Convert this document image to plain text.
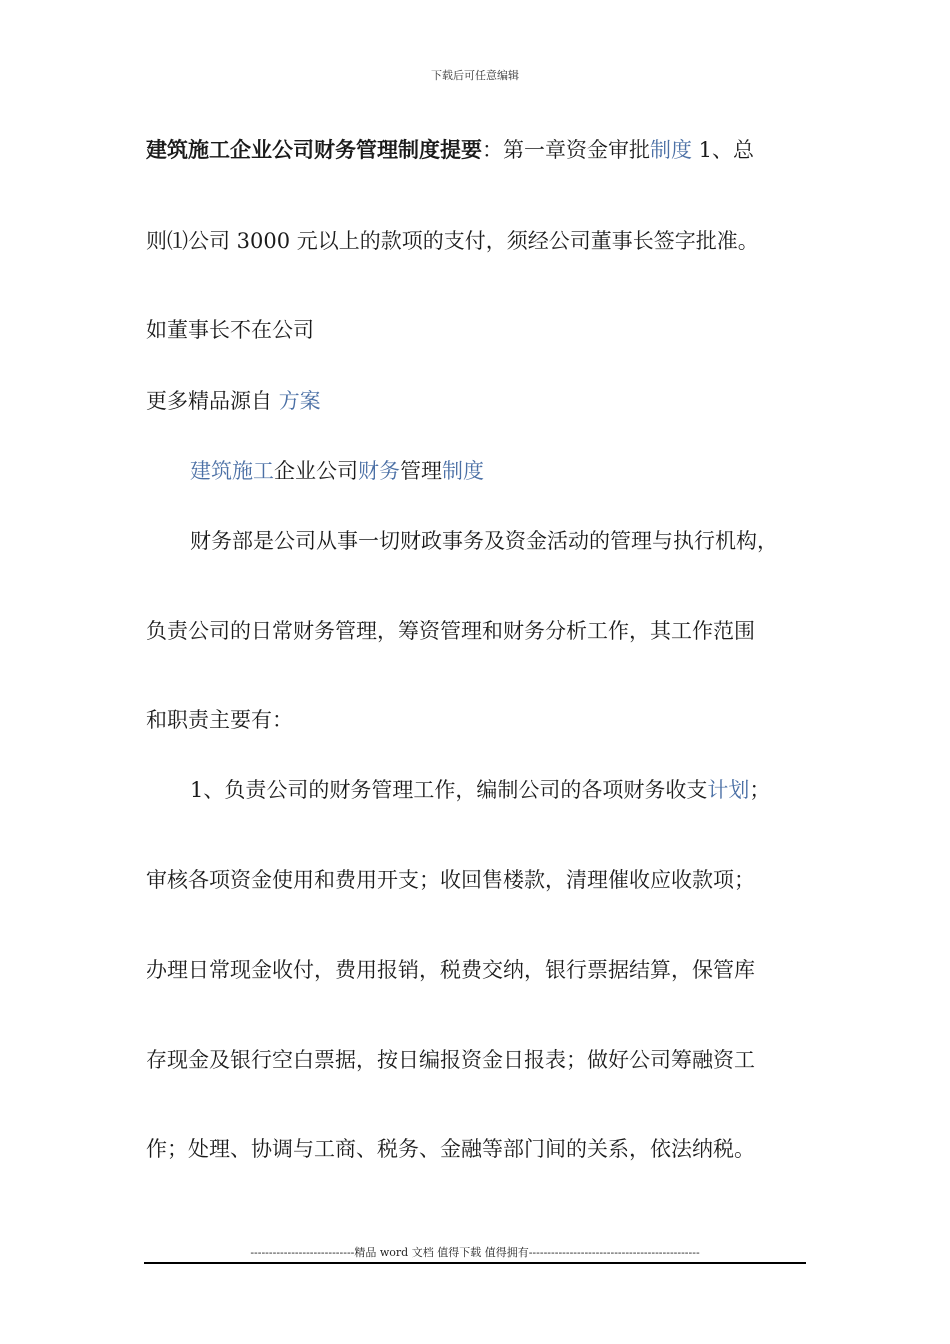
下载后可任意编辑
建筑施工企业公司财务管理制度提要：第一章资金审批制度 1、总
则⑴公司 3000 元以上的款项的支付，须经公司董事长签字批准。
如董事长不在公司
更多精品源自 方案
建筑施工企业公司财务管理制度
财务部是公司从事一切财政事务及资金活动的管理与执行机构，
负责公司的日常财务管理，筹资管理和财务分析工作，其工作范围
和职责主要有：
1、负责公司的财务管理工作，编制公司的各项财务收支计划；
审核各项资金使用和费用开支；收回售楼款，清理催收应收款项；
办理日常现金收付，费用报销，税费交纳，银行票据结算，保管库
存现金及银行空白票据，按日编报资金日报表；做好公司筹融资工
作；处理、协调与工商、税务、金融等部门间的关系，依法纳税。
----------------------------精品 word 文档 值得下载 值得拥有----------------------------------------------
